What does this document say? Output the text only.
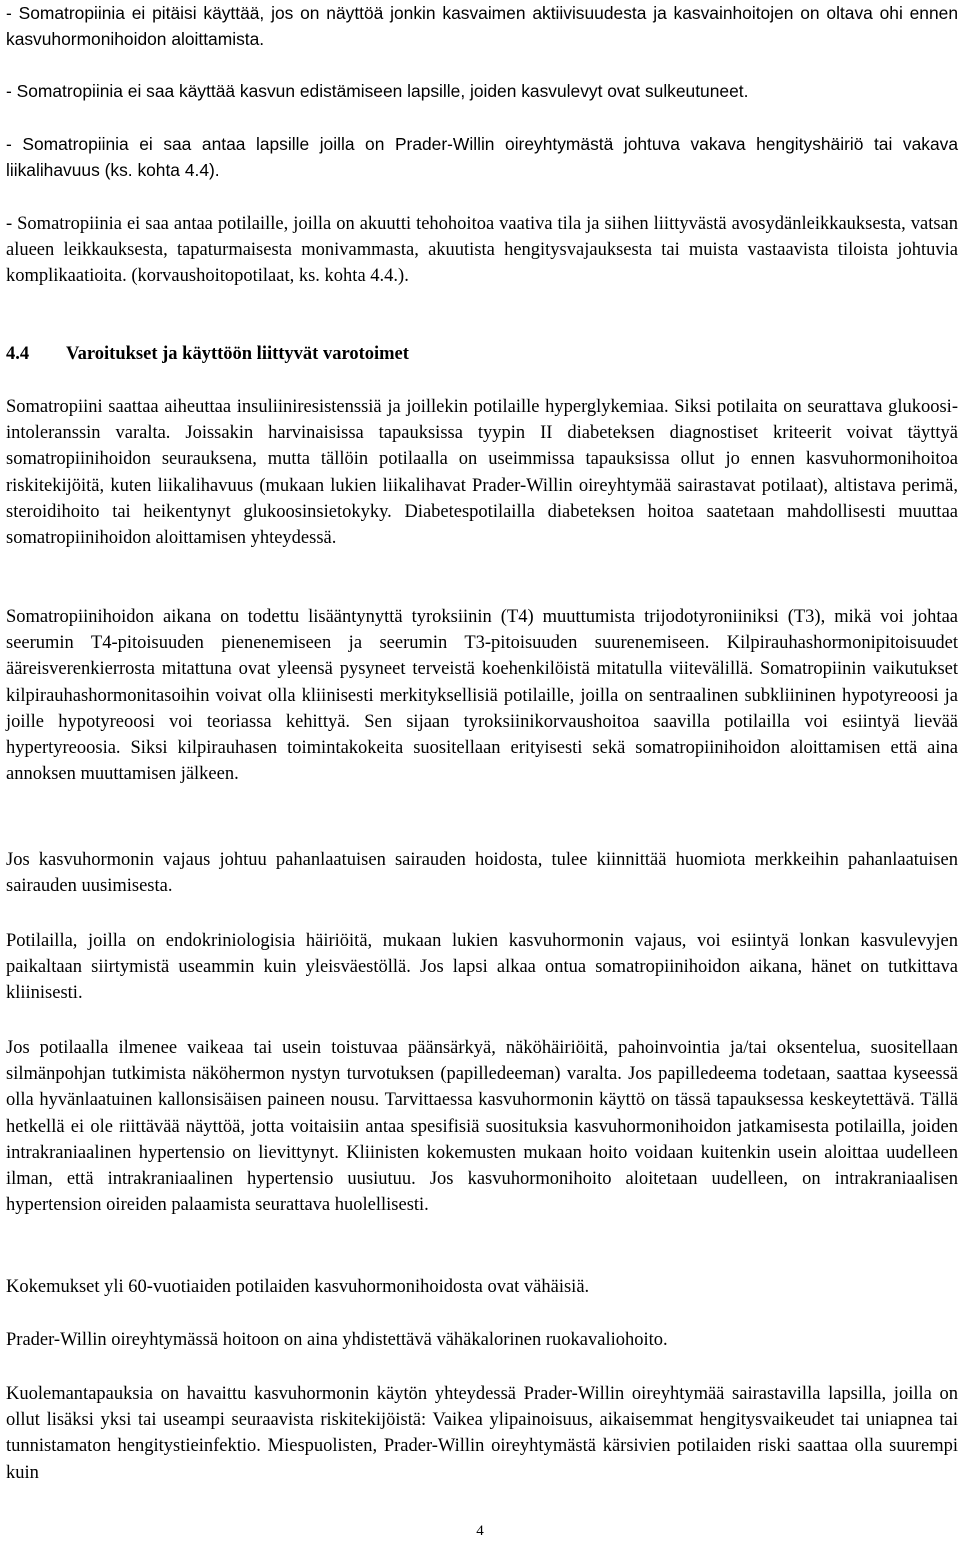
- Somatropiinia ei pitäisi käyttää, jos on näyttöä jonkin kasvaimen aktiivisuudesta ja kasvainhoitojen on oltava ohi ennen kasvuhormonihoidon aloittamista.

- Somatropiinia ei saa käyttää kasvun edistämiseen lapsille, joiden kasvulevyt ovat sulkeutuneet.

- Somatropiinia ei saa antaa lapsille joilla on Prader-Willin oireyhtymästä johtuva vakava hengityshäiriö tai vakava liikalihavuus (ks. kohta 4.4).

- Somatropiinia ei saa antaa potilaille, joilla on akuutti tehohoitoa vaativa tila ja siihen liittyvästä avosydänleikkauksesta, vatsan alueen leikkauksesta, tapaturmaisesta monivammasta, akuutista hengitysvajauksesta tai muista vastaavista tiloista johtuvia komplikaatioita. (korvaushoitopotilaat, ks. kohta 4.4.).

4.4	Varoitukset ja käyttöön liittyvät varotoimet

Somatropiini saattaa aiheuttaa insuliiniresistenssiä ja joillekin potilaille hyperglykemiaa. Siksi potilaita on seurattava glukoosi-intoleranssin varalta. Joissakin harvinaisissa tapauksissa tyypin II diabeteksen diagnostiset kriteerit voivat täyttyä somatropiinihoidon seurauksena, mutta tällöin potilaalla on useimmissa tapauksissa ollut jo ennen kasvuhormonihoitoa riskitekijöitä, kuten liikalihavuus (mukaan lukien liikalihavat Prader-Willin oireyhtymää sairastavat potilaat), altistava perimä, steroidihoito tai heikentynyt glukoosinsietokyky. Diabetespotilailla diabeteksen hoitoa saatetaan mahdollisesti muuttaa somatropiinihoidon aloittamisen yhteydessä.

Somatropiinihoidon aikana on todettu lisääntynyttä tyroksiinin (T4) muuttumista trijodotyroniiniksi (T3), mikä voi johtaa seerumin T4-pitoisuuden pienenemiseen ja seerumin T3-pitoisuuden suurenemiseen. Kilpirauhashormonipitoisuudet ääreisverenkierrosta mitattuna ovat yleensä pysyneet terveistä koehenkilöistä mitatulla viitevälillä. Somatropiinin vaikutukset kilpirauhashormonitasoihin voivat olla kliinisesti merkityksellisiä potilaille, joilla on sentraalinen subkliininen hypotyreoosi ja joille hypotyreoosi voi teoriassa kehittyä. Sen sijaan tyroksiinikorvaushoitoa saavilla potilailla voi esiintyä lievää hypertyreoosia. Siksi kilpirauhasen toimintakokeita suositellaan erityisesti sekä somatropiinihoidon aloittamisen että aina annoksen muuttamisen jälkeen.

Jos kasvuhormonin vajaus johtuu pahanlaatuisen sairauden hoidosta, tulee kiinnittää huomiota merkkeihin pahanlaatuisen sairauden uusimisesta.

Potilailla, joilla on endokriniologisia häiriöitä, mukaan lukien kasvuhormonin vajaus, voi esiintyä lonkan kasvulevyjen paikaltaan siirtymistä useammin kuin yleisväestöllä. Jos lapsi alkaa ontua somatropiinihoidon aikana, hänet on tutkittava kliinisesti.

Jos potilaalla ilmenee vaikeaa tai usein toistuvaa päänsärkyä, näköhäiriöitä, pahoinvointia ja/tai oksentelua, suositellaan silmänpohjan tutkimista näköhermon nystyn turvotuksen (papilledeeman) varalta. Jos papilledeema todetaan, saattaa kyseessä olla hyvänlaatuinen kallonsisäisen paineen nousu. Tarvittaessa kasvuhormonin käyttö on tässä tapauksessa keskeytettävä. Tällä hetkellä ei ole riittävää näyttöä, jotta voitaisiin antaa spesifisiä suosituksia kasvuhormonihoidon jatkamisesta potilailla, joiden intrakraniaalinen hypertensio on lievittynyt. Kliinisten kokemusten mukaan hoito voidaan kuitenkin usein aloittaa uudelleen ilman, että intrakraniaalinen hypertensio uusiutuu. Jos kasvuhormonihoito aloitetaan uudelleen, on intrakraniaalisen hypertension oireiden palaamista seurattava huolellisesti.

Kokemukset yli 60-vuotiaiden potilaiden kasvuhormonihoidosta ovat vähäisiä.

Prader-Willin oireyhtymässä hoitoon on aina yhdistettävä vähäkalorinen ruokavaliohoito.

Kuolemantapauksia on havaittu kasvuhormonin käytön yhteydessä Prader-Willin oireyhtymää sairastavilla lapsilla, joilla on ollut lisäksi yksi tai useampi seuraavista riskitekijöistä: Vaikea ylipainoisuus, aikaisemmat hengitysvaikeudet tai uniapnea tai tunnistamaton hengitystieinfektio. Miespuolisten, Prader-Willin oireyhtymästä kärsivien potilaiden riski saattaa olla suurempi kuin

4
